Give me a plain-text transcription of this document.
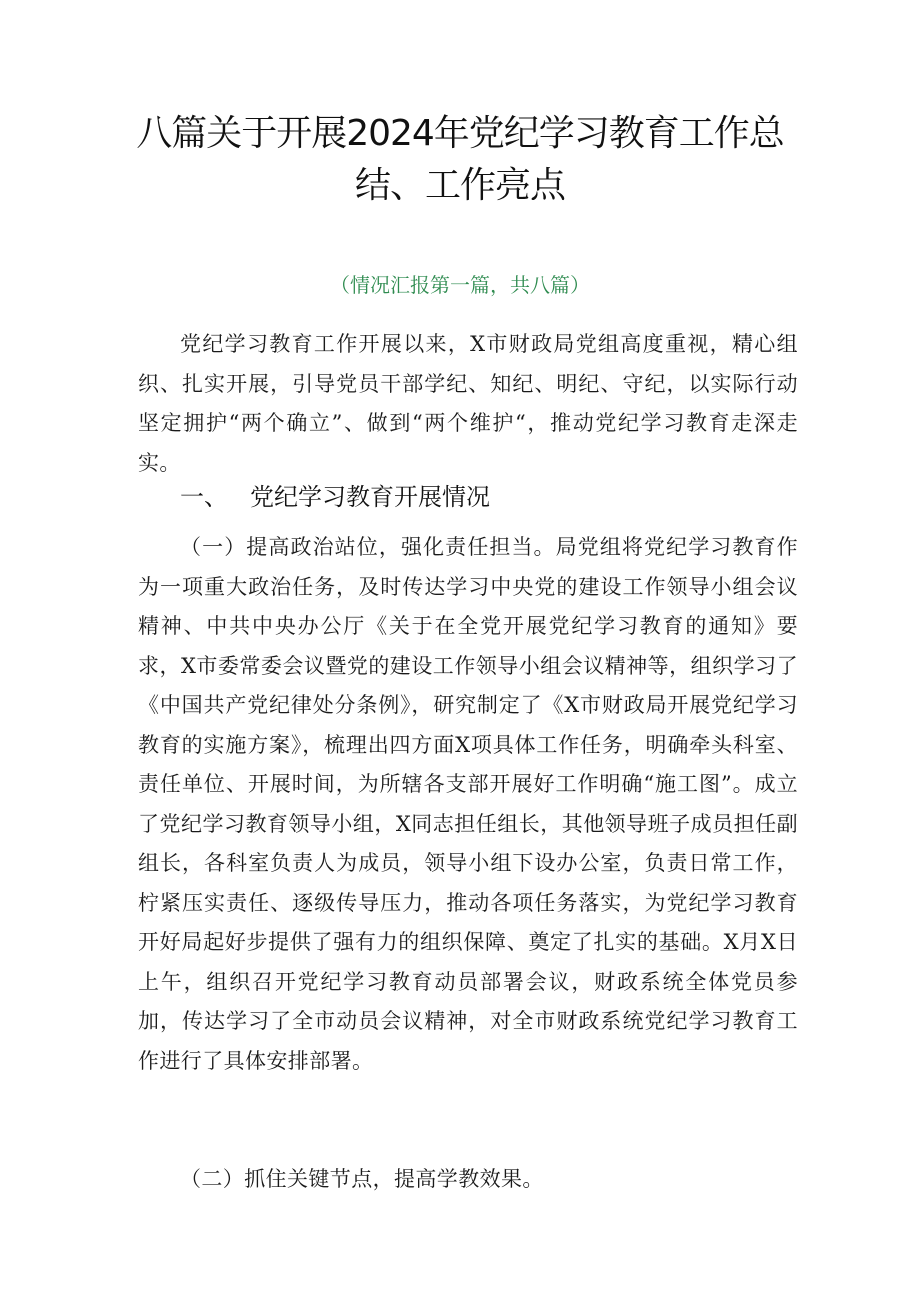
八篇关于开展2024年党纪学习教育工作总
结、工作亮点

（情况汇报第一篇，共八篇）

党纪学习教育工作开展以来，X市财政局党组高度重视，精心组织、扎实开展，引导党员干部学纪、知纪、明纪、守纪，以实际行动坚定拥护“两个确立”、做到“两个维护“，推动党纪学习教育走深走实。

一、 党纪学习教育开展情况

（一）提高政治站位，强化责任担当。局党组将党纪学习教育作为一项重大政治任务，及时传达学习中央党的建设工作领导小组会议精神、中共中央办公厅《关于在全党开展党纪学习教育的通知》要求，X市委常委会议暨党的建设工作领导小组会议精神等，组织学习了《中国共产党纪律处分条例》，研究制定了《X市财政局开展党纪学习教育的实施方案》，梳理出四方面X项具体工作任务，明确牵头科室、责任单位、开展时间，为所辖各支部开展好工作明确“施工图”。成立了党纪学习教育领导小组，X同志担任组长，其他领导班子成员担任副组长，各科室负责人为成员，领导小组下设办公室，负责日常工作，柠紧压实责任、逐级传导压力，推动各项任务落实，为党纪学习教育开好局起好步提供了强有力的组织保障、奠定了扎实的基础。X月X日上午，组织召开党纪学习教育动员部署会议，财政系统全体党员参加，传达学习了全市动员会议精神，对全市财政系统党纪学习教育工作进行了具体安排部署。

（二）抓住关键节点，提高学教效果。
